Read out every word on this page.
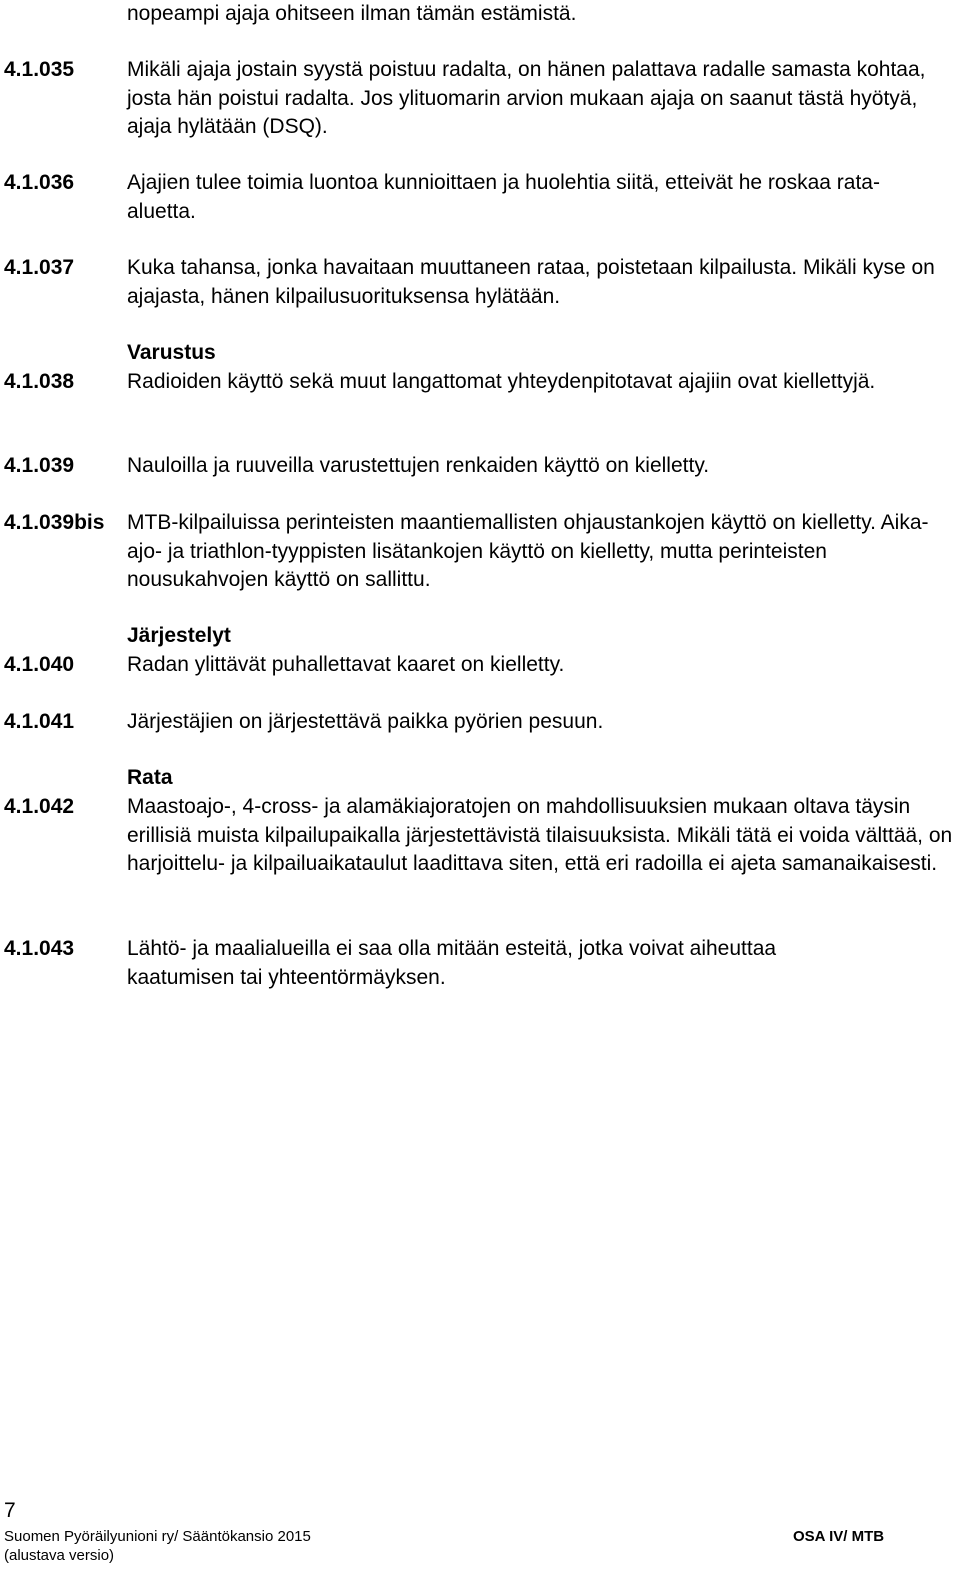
nopeampi ajaja ohitseen ilman tämän estämistä.
4.1.035	Mikäli ajaja jostain syystä poistuu radalta, on hänen palattava radalle samasta kohtaa, josta hän poistui radalta. Jos ylituomarin arvion mukaan ajaja on saanut tästä hyötyä, ajaja hylätään (DSQ).
4.1.036	Ajajien tulee toimia luontoa kunnioittaen ja huolehtia siitä, etteivät he roskaa rata-aluetta.
4.1.037	Kuka tahansa, jonka havaitaan muuttaneen rataa, poistetaan kilpailusta. Mikäli kyse on ajajasta, hänen kilpailusuorituksensa hylätään.
Varustus
4.1.038	Radioiden käyttö sekä muut langattomat yhteydenpitotavat ajajiin ovat kiellettyjä.
4.1.039	Nauloilla ja ruuveilla varustettujen renkaiden käyttö on kielletty.
4.1.039bis MTB-kilpailuissa perinteisten maantiemallisten ohjaustankojen käyttö on kielletty. Aika-ajo- ja triathlon-tyyppisten lisätankojen käyttö on kielletty, mutta perinteisten nousukahvojen käyttö on sallittu.
Järjestelyt
4.1.040	Radan ylittävät puhallettavat kaaret on kielletty.
4.1.041	Järjestäjien on järjestettävä paikka pyörien pesuun.
Rata
4.1.042	Maastoajo-, 4-cross- ja alamäkiajoratojen on mahdollisuuksien mukaan oltava täysin erillisiä muista kilpailupaikalla järjestettävistä tilaisuuksista. Mikäli tätä ei voida välttää, on harjoittelu- ja kilpailuaikataulut laadittava siten, että eri radoilla ei ajeta samanaikaisesti.
4.1.043	Lähtö- ja maalialueilla ei saa olla mitään esteitä, jotka voivat aiheuttaa kaatumisen tai yhteentörmäyksen.
7
Suomen Pyöräilyunioni ry/ Sääntökansio 2015
(alustava versio)
OSA IV/ MTB
